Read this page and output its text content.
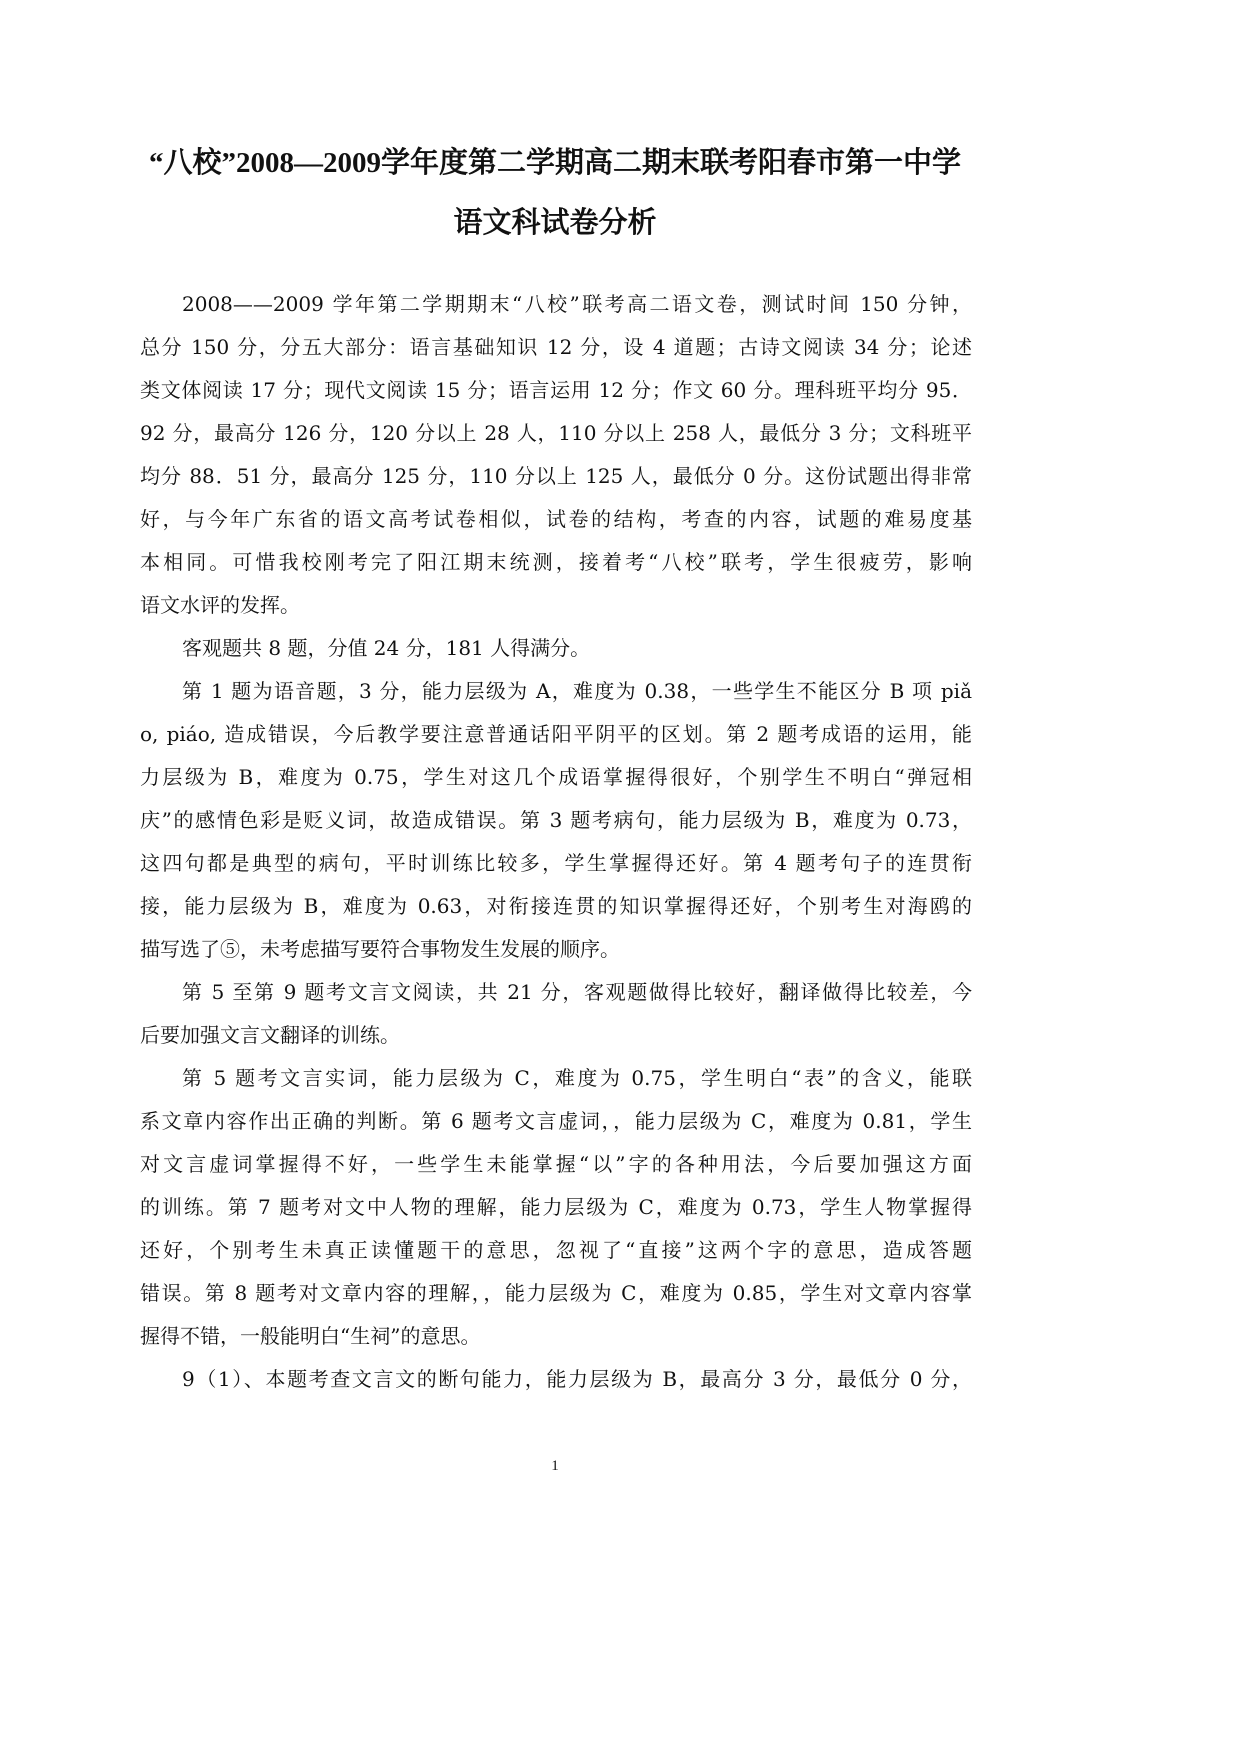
“八校”2008—2009学年度第二学期高二期末联考阳春市第一中学
语文科试卷分析
2008——2009 学年第二学期期末“八校”联考高二语文卷，测试时间 150 分钟，
总分 150 分，分五大部分：语言基础知识 12 分，设 4 道题；古诗文阅读 34 分；论述
类文体阅读 17 分；现代文阅读 15 分；语言运用 12 分；作文 60 分。理科班平均分 95．
92 分，最高分 126 分，120 分以上 28 人，110 分以上 258 人，最低分 3 分；文科班平
均分 88．51 分，最高分 125 分，110 分以上 125 人，最低分 0 分。这份试题出得非常
好，与今年广东省的语文高考试卷相似，试卷的结构，考查的内容，试题的难易度基
本相同。可惜我校刚考完了阳江期末统测，接着考“八校”联考，学生很疲劳，影响
语文水评的发挥。
客观题共 8 题，分值 24 分，181 人得满分。
第 1 题为语音题，3 分，能力层级为 A，难度为 0.38，一些学生不能区分 B 项 piǎ
o, piáo, 造成错误，今后教学要注意普通话阳平阴平的区划。第 2 题考成语的运用，能
力层级为 B，难度为 0.75，学生对这几个成语掌握得很好，个别学生不明白“弹冠相
庆”的感情色彩是贬义词，故造成错误。第 3 题考病句，能力层级为 B，难度为 0.73，
这四句都是典型的病句，平时训练比较多，学生掌握得还好。第 4 题考句子的连贯衔
接，能力层级为 B，难度为 0.63，对衔接连贯的知识掌握得还好，个别考生对海鸥的
描写选了⑤，未考虑描写要符合事物发生发展的顺序。
第 5 至第 9 题考文言文阅读，共 21 分，客观题做得比较好，翻译做得比较差，今
后要加强文言文翻译的训练。
第 5 题考文言实词，能力层级为 C，难度为 0.75，学生明白“表”的含义，能联
系文章内容作出正确的判断。第 6 题考文言虚词，，能力层级为 C，难度为 0.81，学生
对文言虚词掌握得不好，一些学生未能掌握“以”字的各种用法，今后要加强这方面
的训练。第 7 题考对文中人物的理解，能力层级为 C，难度为 0.73，学生人物掌握得
还好，个别考生未真正读懂题干的意思，忽视了“直接”这两个字的意思，造成答题
错误。第 8 题考对文章内容的理解，，能力层级为 C，难度为 0.85，学生对文章内容掌
握得不错，一般能明白“生祠”的意思。
9（1）、本题考查文言文的断句能力，能力层级为 B，最高分 3 分，最低分 0 分，
1
